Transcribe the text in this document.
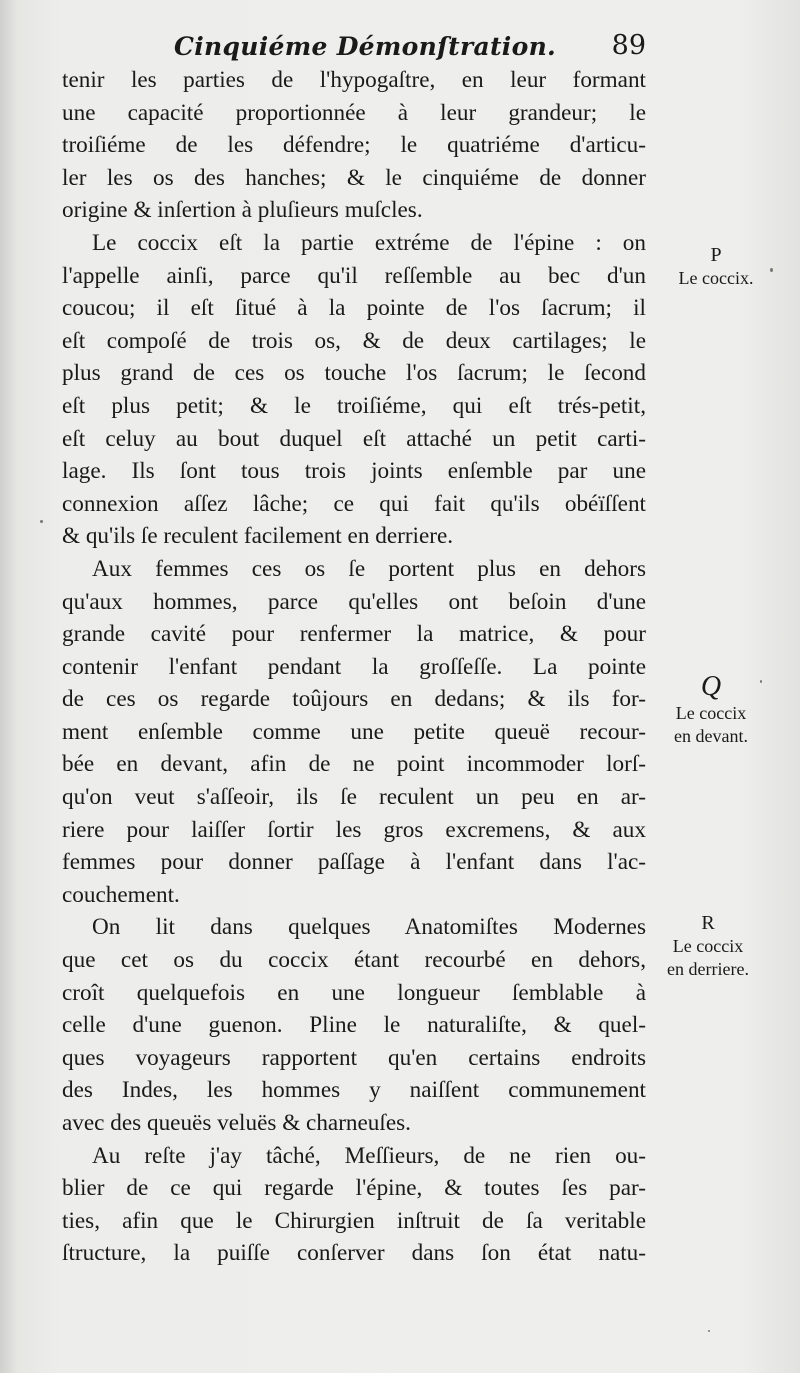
Cinquiéme Démonſtration. 89
tenir les parties de l'hypogaſtre, en leur formant
une capacité proportionnée à leur grandeur; le
troiſiéme de les défendre; le quatriéme d'articu-
ler les os des hanches; & le cinquiéme de donner
origine & inſertion à pluſieurs muſcles.
Le coccix eſt la partie extréme de l'épine : on
l'appelle ainſi, parce qu'il reſſemble au bec d'un
coucou; il eſt ſitué à la pointe de l'os ſacrum; il
eſt compoſé de trois os, & de deux cartilages; le
plus grand de ces os touche l'os ſacrum; le ſecond
eſt plus petit; & le troiſiéme, qui eſt trés-petit,
eſt celuy au bout duquel eſt attaché un petit carti-
lage. Ils ſont tous trois joints enſemble par une
connexion aſſez lâche; ce qui fait qu'ils obéïſſent
& qu'ils ſe reculent facilement en derriere.
Aux femmes ces os ſe portent plus en dehors
qu'aux hommes, parce qu'elles ont beſoin d'une
grande cavité pour renfermer la matrice, & pour
contenir l'enfant pendant la groſſeſſe. La pointe
de ces os regarde toûjours en dedans; & ils for-
ment enſemble comme une petite queuë recour-
bée en devant, afin de ne point incommoder lorſ-
qu'on veut s'aſſeoir, ils ſe reculent un peu en ar-
riere pour laiſſer ſortir les gros excremens, & aux
femmes pour donner paſſage à l'enfant dans l'ac-
couchement.
On lit dans quelques Anatomiſtes Modernes
que cet os du coccix étant recourbé en dehors,
croît quelquefois en une longueur ſemblable à
celle d'une guenon. Pline le naturaliſte, & quel-
ques voyageurs rapportent qu'en certains endroits
des Indes, les hommes y naiſſent communement
avec des queuës veluës & charneuſes.
Au reſte j'ay tâché, Meſſieurs, de ne rien ou-
blier de ce qui regarde l'épine, & toutes ſes par-
ties, afin que le Chirurgien inſtruit de ſa veritable
ſtructure, la puiſſe conſerver dans ſon état natu-
P
Le coccix.
Q
Le coccix
en devant.
R
Le coccix
en derriere.
